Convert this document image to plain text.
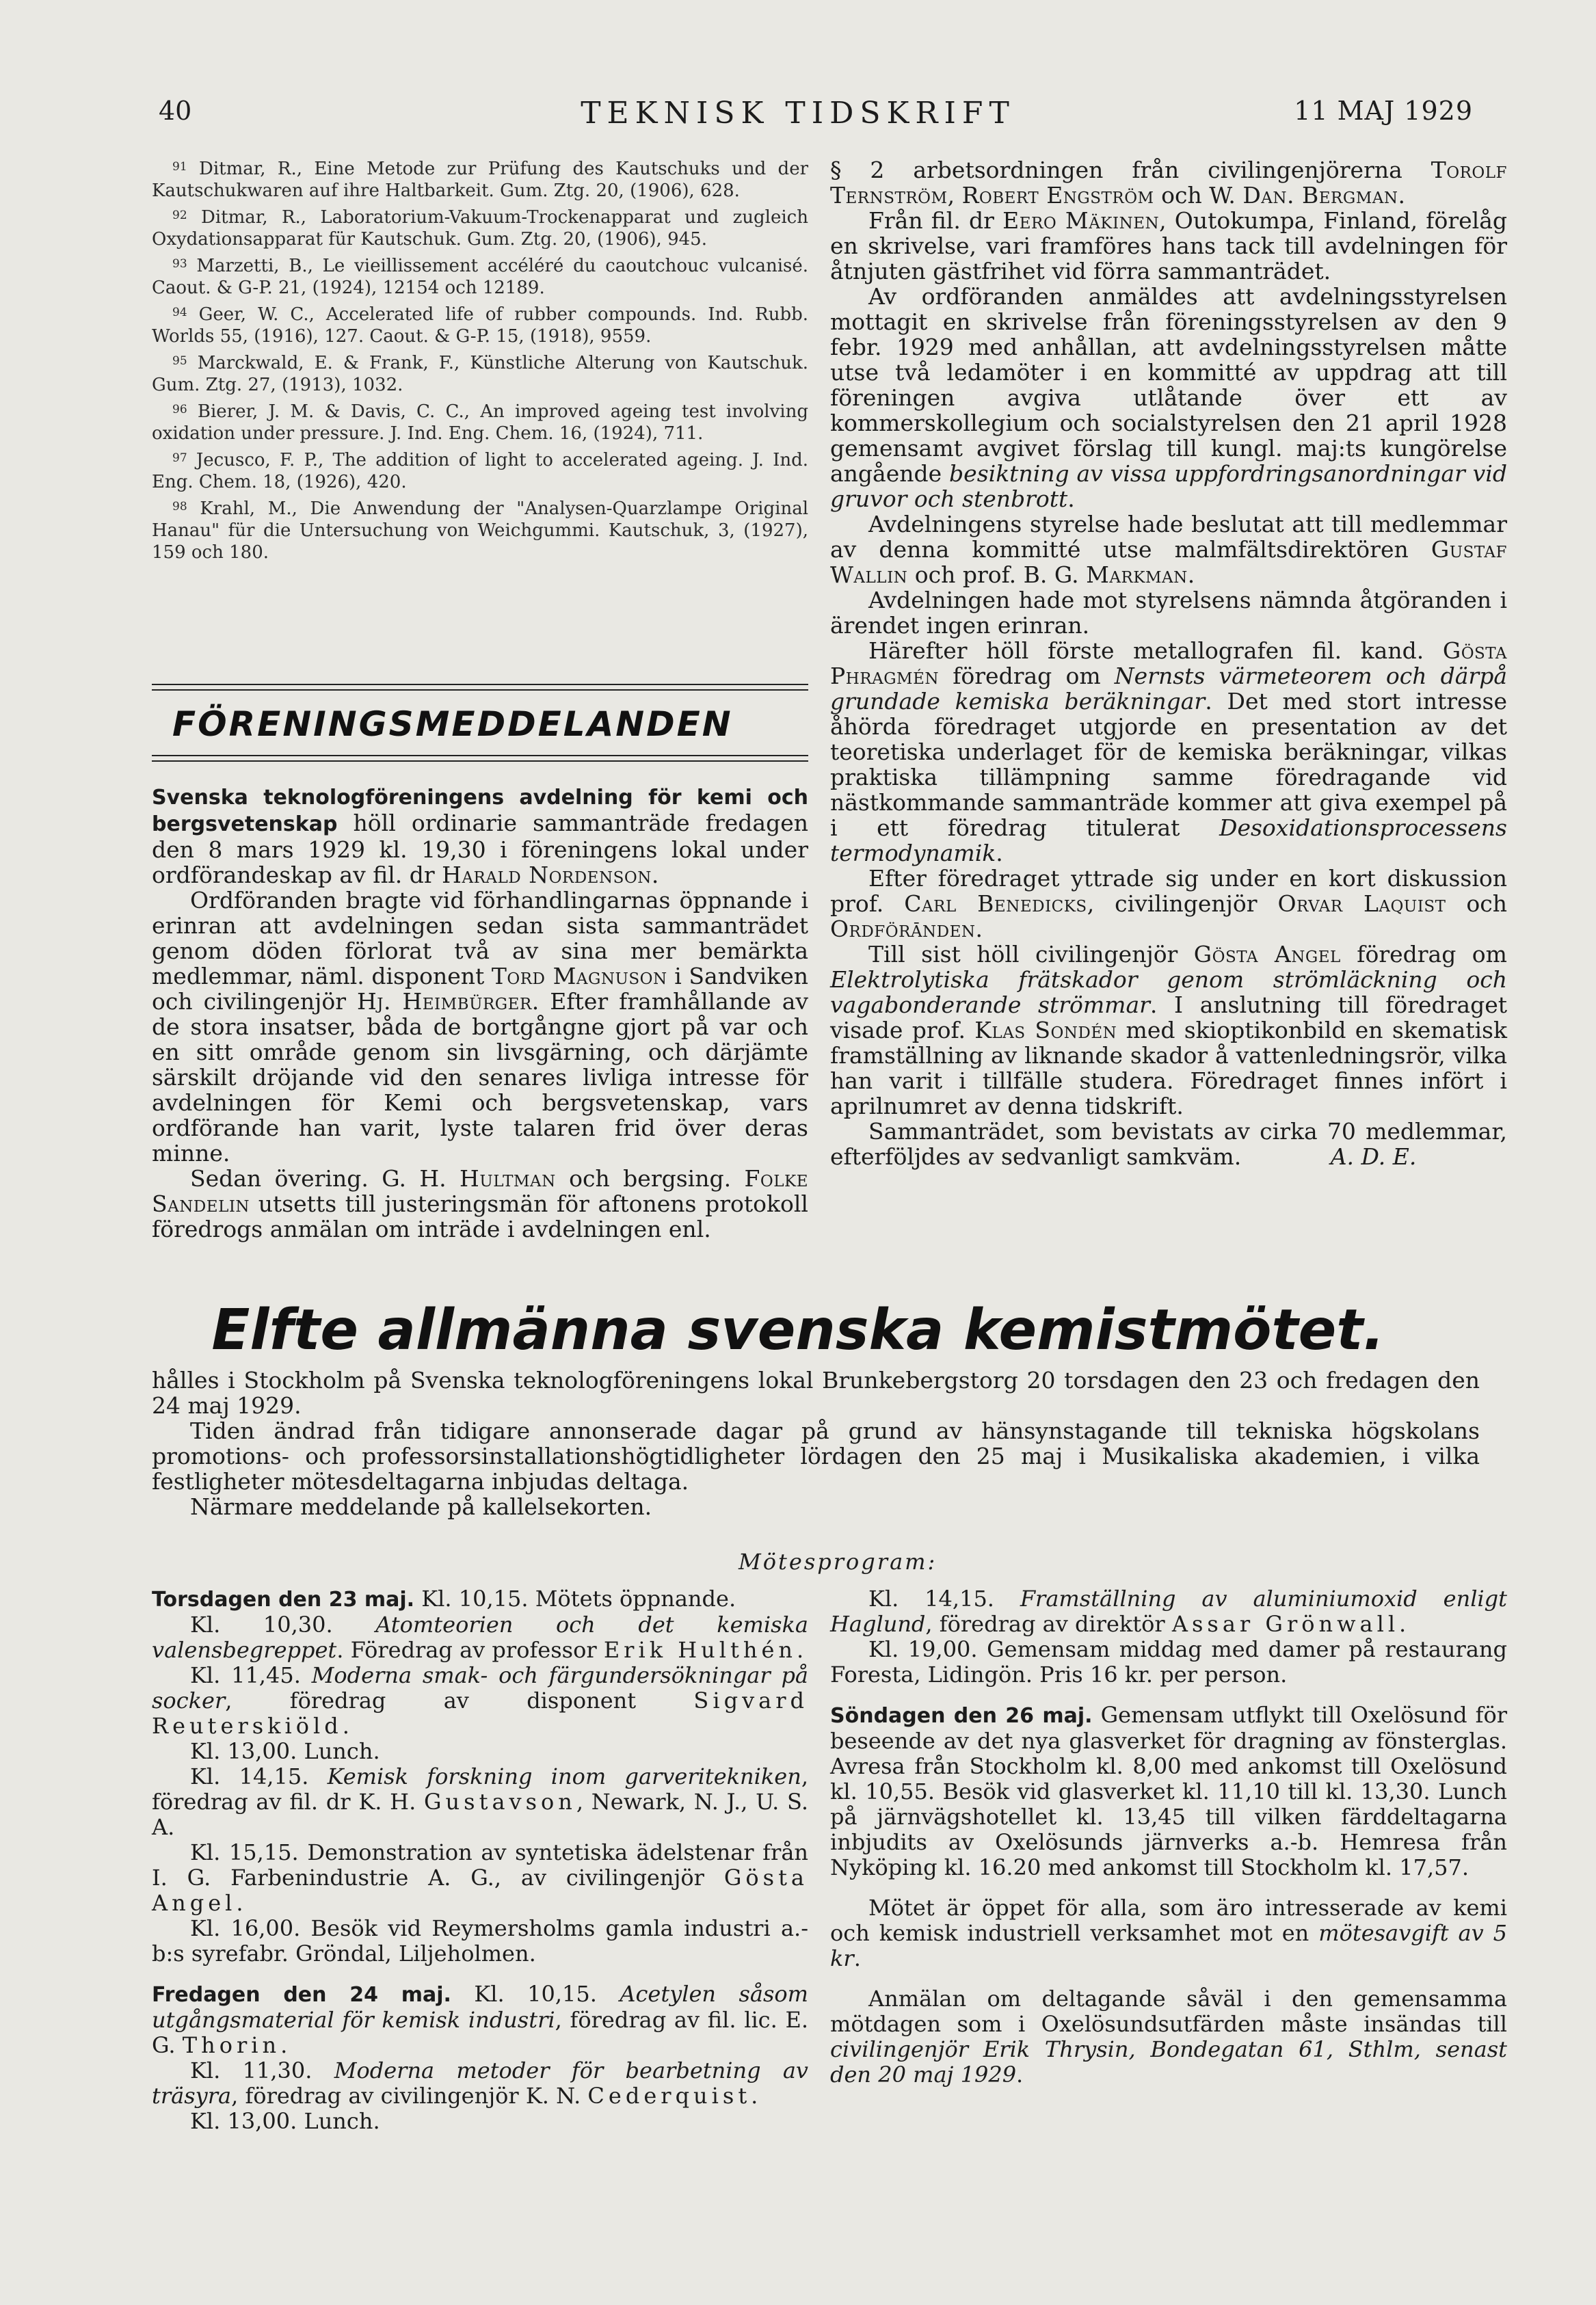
40	TEKNISK TIDSKRIFT	11 MAJ 1929

$^{91}$ Ditmar, R., Eine Metode zur Prüfung des Kautschuks und der Kautschukwaren auf ihre Haltbarkeit. Gum. Ztg. 20, (1906), 628.

$^{92}$ Ditmar, R., Laboratorium-Vakuum-Trockenapparat und zugleich Oxydationsapparat für Kautschuk. Gum. Ztg. 20, (1906), 945.

$^{93}$ Marzetti, B., Le vieillissement accéléré du caoutchouc vulcanisé. Caout. & G-P. 21, (1924), 12154 och 12189.

$^{94}$ Geer, W. C., Accelerated life of rubber compounds. Ind. Rubb. Worlds 55, (1916), 127. Caout. & G-P. 15, (1918), 9559.

$^{95}$ Marckwald, E. & Frank, F., Künstliche Alterung von Kautschuk. Gum. Ztg. 27, (1913), 1032.

$^{96}$ Bierer, J. M. & Davis, C. C., An improved ageing test involving oxidation under pressure. J. Ind. Eng. Chem. 16, (1924), 711.

$^{97}$ Jecusco, F. P., The addition of light to accelerated ageing. J. Ind. Eng. Chem. 18, (1926), 420.

$^{98}$ Krahl, M., Die Anwendung der "Analysen-Quarzlampe Original Hanau" für die Untersuchung von Weichgummi. Kautschuk, 3, (1927), 159 och 180.

FÖRENINGSMEDDELANDEN

Svenska teknologföreningens avdelning för kemi och bergsvetenskap höll ordinarie sammanträde fredagen den 8 mars 1929 kl. 19,30 i föreningens lokal under ordförandeskap av fil. dr Harald Nordenson.

Ordföranden bragte vid förhandlingarnas öppnande i erinran att avdelningen sedan sista sammanträdet genom döden förlorat två av sina mer bemärkta medlemmar, näml. disponent Tord Magnuson i Sandviken och civilingenjör Hj. Heimbürger. Efter framhållande av de stora insatser, båda de bortgångne gjort på var och en sitt område genom sin livsgärning, och därjämte särskilt dröjande vid den senares livliga intresse för avdelningen för Kemi och bergsvetenskap, vars ordförande han varit, lyste talaren frid över deras minne.

Sedan övering. G. H. Hultman och bergsing. Folke Sandelin utsetts till justeringsmän för aftonens protokoll föredrogs anmälan om inträde i avdelningen enl.

§ 2 arbetsordningen från civilingenjörerna Torolf Ternström, Robert Engström och W. Dan. Bergman.

Från fil. dr Eero Mäkinen, Outokumpa, Finland, förelåg en skrivelse, vari framföres hans tack till avdelningen för åtnjuten gästfrihet vid förra sammanträdet.

Av ordföranden anmäldes att avdelningsstyrelsen mottagit en skrivelse från föreningsstyrelsen av den 9 febr. 1929 med anhållan, att avdelningsstyrelsen måtte utse två ledamöter i en kommitté av uppdrag att till föreningen avgiva utlåtande över ett av kommerskollegium och socialstyrelsen den 21 april 1928 gemensamt avgivet förslag till kungl. maj:ts kungörelse angående besiktning av vissa uppfordringsanordningar vid gruvor och stenbrott.

Avdelningens styrelse hade beslutat att till medlemmar av denna kommitté utse malmfältsdirektören Gustaf Wallin och prof. B. G. Markman.

Avdelningen hade mot styrelsens nämnda åtgöranden i ärendet ingen erinran.

Härefter höll förste metallografen fil. kand. Gösta Phragmén föredrag om Nernsts värmeteorem och därpå grundade kemiska beräkningar. Det med stort intresse åhörda föredraget utgjorde en presentation av det teoretiska underlaget för de kemiska beräkningar, vilkas praktiska tillämpning samme föredragande vid nästkommande sammanträde kommer att giva exempel på i ett föredrag titulerat Desoxidationsprocessens termodynamik.

Efter föredraget yttrade sig under en kort diskussion prof. Carl Benedicks, civilingenjör Orvar Laquist och Ordförānden.

Till sist höll civilingenjör Gösta Angel föredrag om Elektrolytiska frätskador genom strömläckning och vagabonderande strömmar. I anslutning till föredraget visade prof. Klas Sondén med skioptikonbild en skematisk framställning av liknande skador å vattenledningsrör, vilka han varit i tillfälle studera. Föredraget finnes infört i aprilnumret av denna tidskrift.

Sammanträdet, som bevistats av cirka 70 medlemmar, efterföljdes av sedvanligt samkväm.	A. D. E.

Elfte allmänna svenska kemistmötet.

hålles i Stockholm på Svenska teknologföreningens lokal Brunkebergstorg 20 torsdagen den 23 och fredagen den 24 maj 1929.

Tiden ändrad från tidigare annonserade dagar på grund av hänsynstagande till tekniska högskolans promotions- och professorsinstallationshögtidligheter lördagen den 25 maj i Musikaliska akademien, i vilka festligheter mötesdeltagarna inbjudas deltaga.

Närmare meddelande på kallelsekorten.

Mötesprogram:

Torsdagen den 23 maj. Kl. 10,15. Mötets öppnande.

Kl. 10,30. Atomteorien och det kemiska valensbegreppet. Föredrag av professor Erik Hulthén.

Kl. 11,45. Moderna smak- och färgundersökningar på socker, föredrag av disponent Sigvard Reuterskiöld.

Kl. 13,00. Lunch.

Kl. 14,15. Kemisk forskning inom garveritekniken, föredrag av fil. dr K. H. Gustavson, Newark, N. J., U. S. A.

Kl. 15,15. Demonstration av syntetiska ädelstenar från I. G. Farbenindustrie A. G., av civilingenjör Gösta Angel.

Kl. 16,00. Besök vid Reymersholms gamla industri a.-b:s syrefabr. Gröndal, Liljeholmen.

Fredagen den 24 maj. Kl. 10,15. Acetylen såsom utgångsmaterial för kemisk industri, föredrag av fil. lic. E. G. Thorin.

Kl. 11,30. Moderna metoder för bearbetning av träsyra, föredrag av civilingenjör K. N. Cederquist.

Kl. 13,00. Lunch.

Kl. 14,15. Framställning av aluminiumoxid enligt Haglund, föredrag av direktör Assar Grönwall.

Kl. 19,00. Gemensam middag med damer på restaurang Foresta, Lidingön. Pris 16 kr. per person.

Söndagen den 26 maj. Gemensam utflykt till Oxelösund för beseende av det nya glasverket för dragning av fönsterglas. Avresa från Stockholm kl. 8,00 med ankomst till Oxelösund kl. 10,55. Besök vid glasverket kl. 11,10 till kl. 13,30. Lunch på järnvägshotellet kl. 13,45 till vilken färddeltagarna inbjudits av Oxelösunds järnverks a.-b. Hemresa från Nyköping kl. 16.20 med ankomst till Stockholm kl. 17,57.

Mötet är öppet för alla, som äro intresserade av kemi och kemisk industriell verksamhet mot en mötesavgift av 5 kr.

Anmälan om deltagande såväl i den gemensamma mötdagen som i Oxelösundsutfärden måste insändas till civilingenjör Erik Thrysin, Bondegatan 61, Sthlm, senast den 20 maj 1929.
